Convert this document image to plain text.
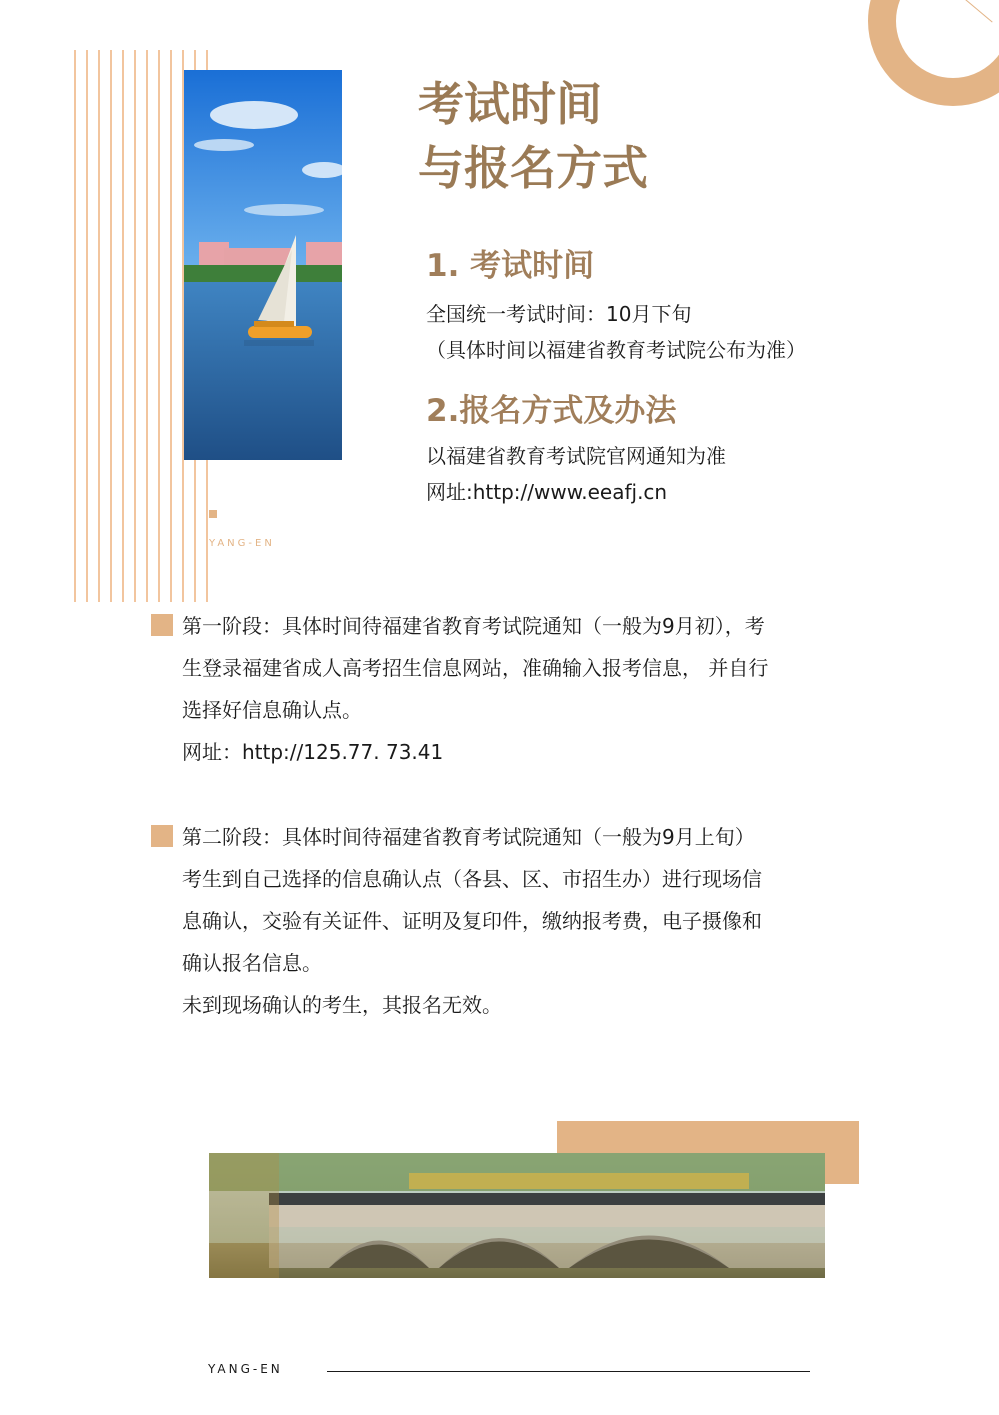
YANG-EN
考试时间
与报名方式
1. 考试时间
全国统一考试时间：10月下旬
（具体时间以福建省教育考试院公布为准）
2.报名方式及办法
以福建省教育考试院官网通知为准
网址:http://www.eeafj.cn
第一阶段：具体时间待福建省教育考试院通知（一般为9月初），考
生登录福建省成人高考招生信息网站，准确输入报考信息， 并自行
选择好信息确认点。
网址：http://125.77. 73.41
第二阶段：具体时间待福建省教育考试院通知（一般为9月上旬）
考生到自己选择的信息确认点（各县、区、市招生办）进行现场信
息确认，交验有关证件、证明及复印件，缴纳报考费，电子摄像和
确认报名信息。
未到现场确认的考生，其报名无效。
YANG-EN
